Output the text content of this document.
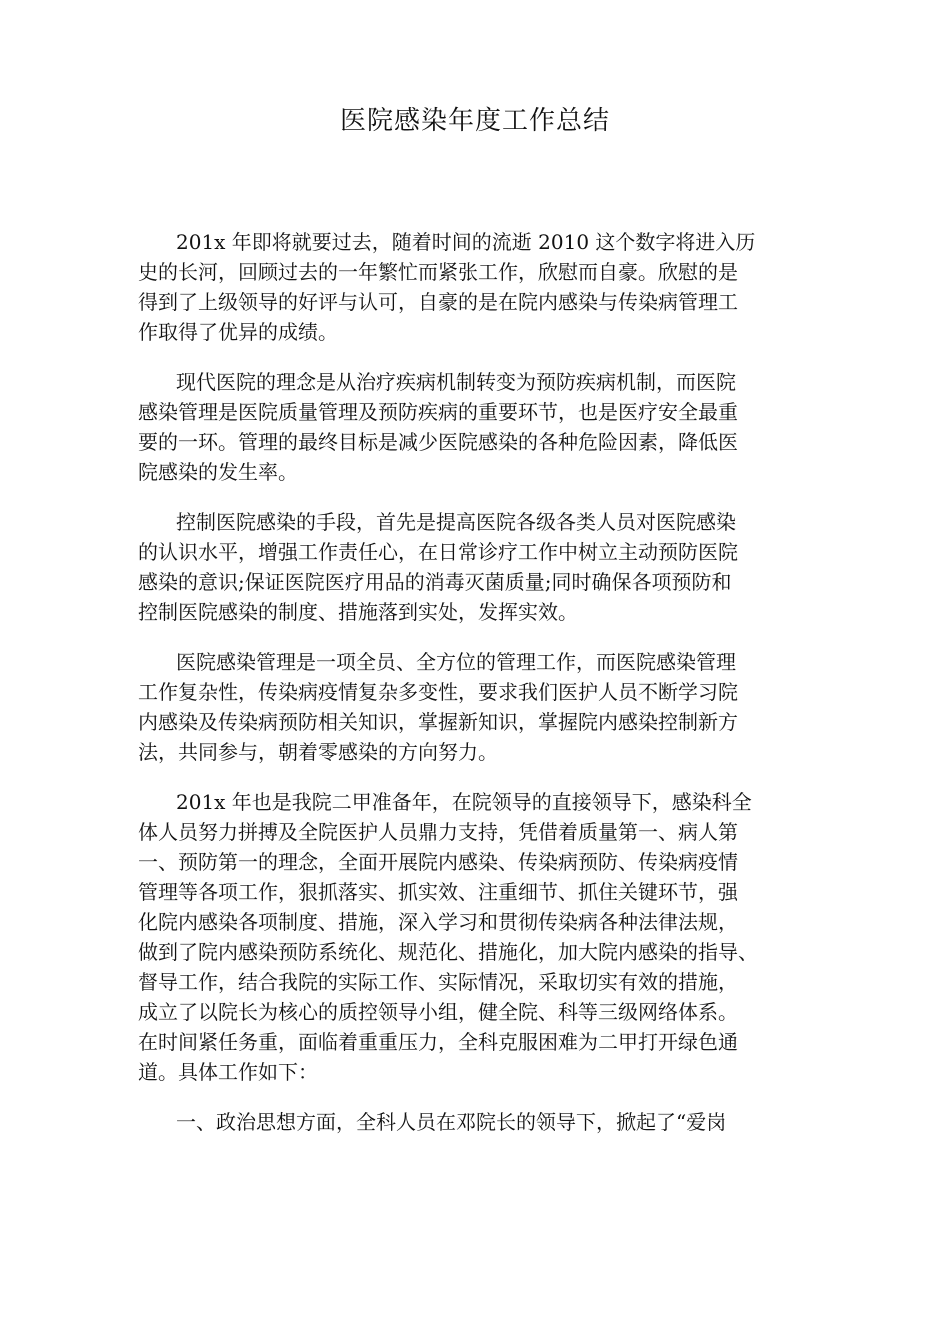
医院感染年度工作总结

201x 年即将就要过去，随着时间的流逝 2010 这个数字将进入历
史的长河，回顾过去的一年繁忙而紧张工作，欣慰而自豪。欣慰的是
得到了上级领导的好评与认可，自豪的是在院内感染与传染病管理工
作取得了优异的成绩。

现代医院的理念是从治疗疾病机制转变为预防疾病机制，而医院
感染管理是医院质量管理及预防疾病的重要环节，也是医疗安全最重
要的一环。管理的最终目标是减少医院感染的各种危险因素，降低医
院感染的发生率。

控制医院感染的手段，首先是提高医院各级各类人员对医院感染
的认识水平，增强工作责任心，在日常诊疗工作中树立主动预防医院
感染的意识;保证医院医疗用品的消毒灭菌质量;同时确保各项预防和
控制医院感染的制度、措施落到实处，发挥实效。

医院感染管理是一项全员、全方位的管理工作，而医院感染管理
工作复杂性，传染病疫情复杂多变性，要求我们医护人员不断学习院
内感染及传染病预防相关知识，掌握新知识，掌握院内感染控制新方
法，共同参与，朝着零感染的方向努力。

201x 年也是我院二甲准备年，在院领导的直接领导下，感染科全
体人员努力拼搏及全院医护人员鼎力支持，凭借着质量第一、病人第
一、预防第一的理念，全面开展院内感染、传染病预防、传染病疫情
管理等各项工作，狠抓落实、抓实效、注重细节、抓住关键环节，强
化院内感染各项制度、措施，深入学习和贯彻传染病各种法律法规，
做到了院内感染预防系统化、规范化、措施化，加大院内感染的指导、
督导工作，结合我院的实际工作、实际情况，采取切实有效的措施，
成立了以院长为核心的质控领导小组，健全院、科等三级网络体系。
在时间紧任务重，面临着重重压力，全科克服困难为二甲打开绿色通
道。具体工作如下：

一、政治思想方面，全科人员在邓院长的领导下，掀起了“爱岗
